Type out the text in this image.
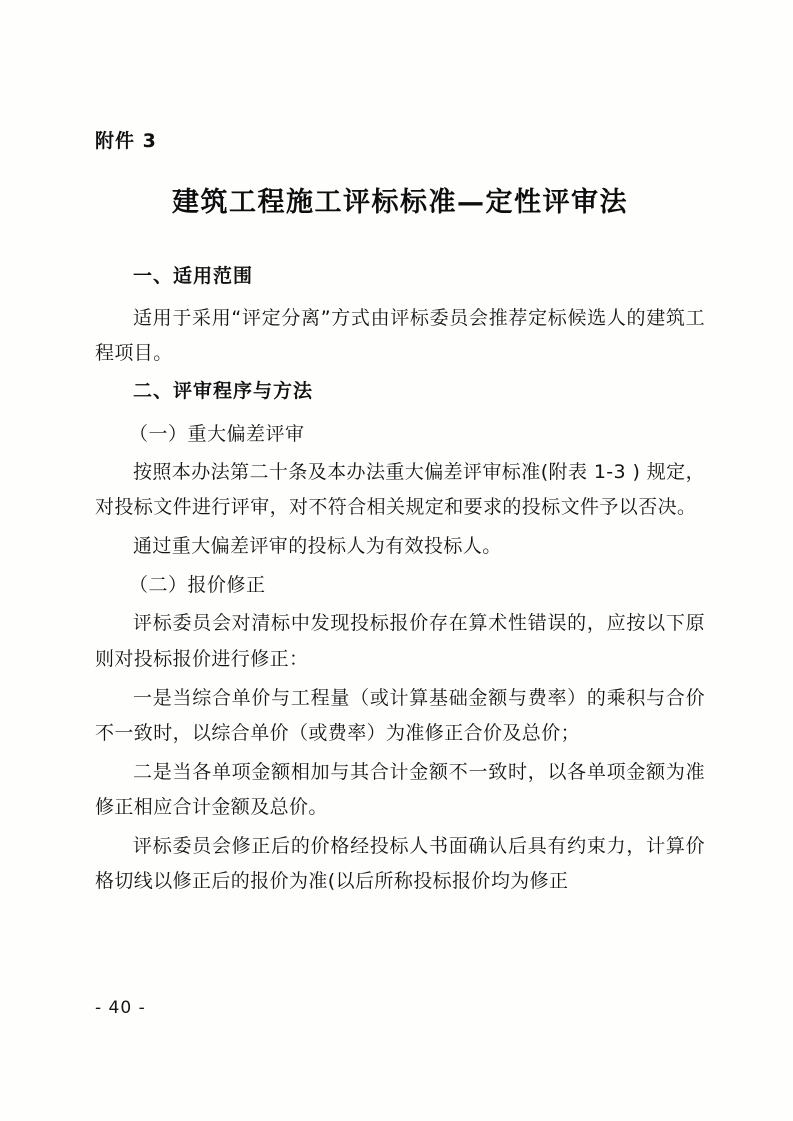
附件 3
建筑工程施工评标标准—定性评审法
一、适用范围

适用于采用“评定分离”方式由评标委员会推荐定标候选人的建筑工程项目。

二、评审程序与方法
（一）重大偏差评审

按照本办法第二十条及本办法重大偏差评审标准(附表 1-3 ) 规定，对投标文件进行评审，对不符合相关规定和要求的投标文件予以否决。

通过重大偏差评审的投标人为有效投标人。

（二）报价修正

评标委员会对清标中发现投标报价存在算术性错误的，应按以下原则对投标报价进行修正：

一是当综合单价与工程量（或计算基础金额与费率）的乘积与合价不一致时，以综合单价（或费率）为准修正合价及总价；

二是当各单项金额相加与其合计金额不一致时，以各单项金额为准修正相应合计金额及总价。

评标委员会修正后的价格经投标人书面确认后具有约束力，计算价格切线以修正后的报价为准(以后所称投标报价均为修正

- 40 -
